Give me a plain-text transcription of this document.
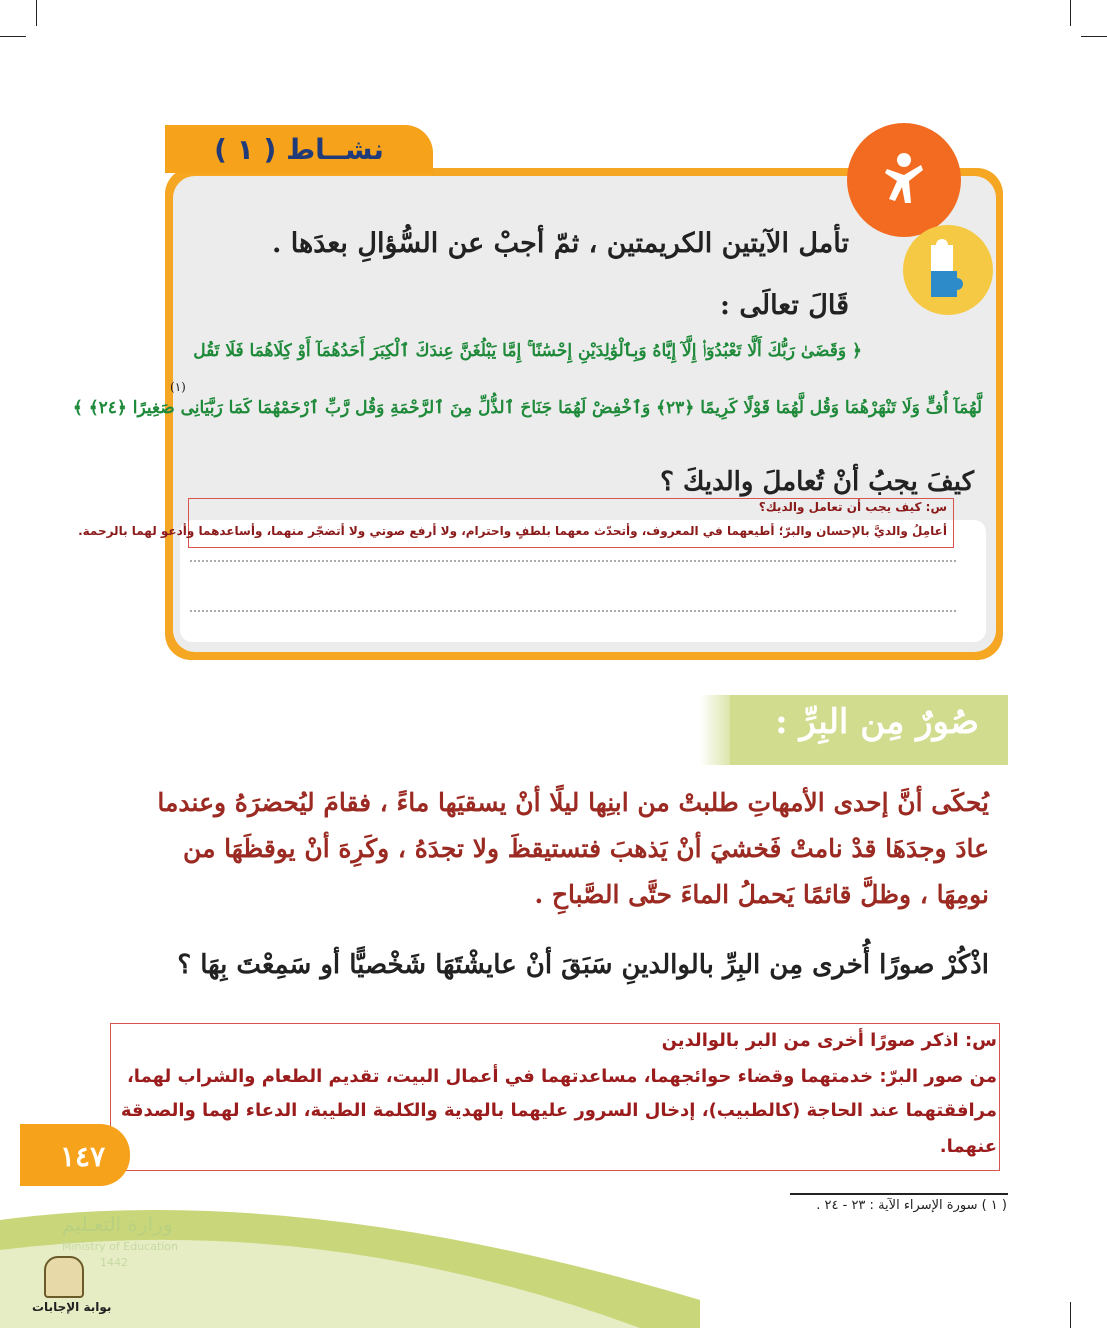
نشــاط ( ١ )
تأمل الآيتين الكريمتين ، ثمّ أجبْ عن السُّؤالِ بعدَها .
قَالَ تعالَى :
﴿ وَقَضَىٰ رَبُّكَ أَلَّا تَعْبُدُوٓا۟ إِلَّآ إِيَّاهُ وَبِٱلْوَٰلِدَيْنِ إِحْسَٰنًا ۚ إِمَّا يَبْلُغَنَّ عِندَكَ ٱلْكِبَرَ أَحَدُهُمَآ أَوْ كِلَاهُمَا فَلَا تَقُل
لَّهُمَآ أُفٍّ وَلَا تَنْهَرْهُمَا وَقُل لَّهُمَا قَوْلًا كَرِيمًا ﴿٢٣﴾ وَٱخْفِضْ لَهُمَا جَنَاحَ ٱلذُّلِّ مِنَ ٱلرَّحْمَةِ وَقُل رَّبِّ ٱرْحَمْهُمَا كَمَا رَبَّيَانِى صَغِيرًا ﴿٢٤﴾ ﴾
(١)
كيفَ يجبُ أنْ تُعاملَ والديكَ ؟
س: كيف يجب أن تعامل والديك؟
أعامِلُ والديَّ بالإحسان والبرّ؛ أطيعهما في المعروف، وأتحدّث معهما بلطفٍ واحترام، ولا أرفع صوتي ولا أتضجّر منهما، وأساعدهما وأدعو لهما بالرحمة.
صُورٌ مِن البِرِّ :
يُحكَى أنَّ إحدى الأمهاتِ طلبتْ من ابنِها ليلًا أنْ يسقيَها ماءً ، فقامَ ليُحضرَهُ وعندما
عادَ وجدَهَا قدْ نامتْ فَخشيَ أنْ يَذهبَ فتستيقظَ ولا تجدَهُ ، وكَرِهَ أنْ يوقظَهَا من
نومِهَا ، وظلَّ قائمًا يَحملُ الماءَ حتَّى الصَّباحِ .
اذْكُرْ صورًا أُخرى مِن البِرِّ بالوالدينِ سَبَقَ أنْ عايشْتَهَا شَخْصيًّا أو سَمِعْتَ بِهَا ؟
س: اذكر صورًا أخرى من البر بالوالدين
من صور البرّ: خدمتهما وقضاء حوائجهما، مساعدتهما في أعمال البيت، تقديم الطعام والشراب لهما،
مرافقتهما عند الحاجة (كالطبيب)، إدخال السرور عليهما بالهدية والكلمة الطيبة، الدعاء لهما والصدقة
عنهما.
١٤٧
( ١ ) سورة الإسراء الآية : ٢٣ - ٢٤ .
وزارة التعـليم
Ministry of Education
1442
بوابة الإجابات
